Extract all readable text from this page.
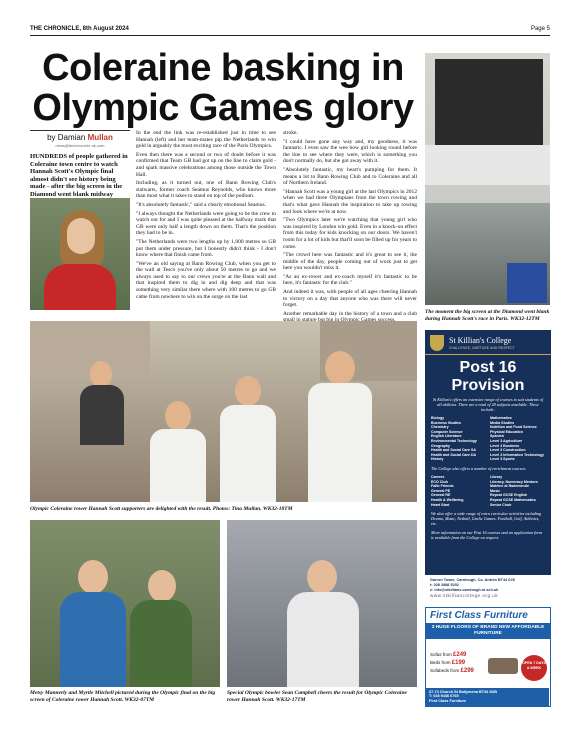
THE CHRONICLE, 8th August 2024	Page 5
Coleraine basking in Olympic Games glory
by Damian Mullan
news@thechronicle.uk.com

HUNDREDS of people gathered in Coleraine town centre to watch Hannah Scott's Olympic final almost didn't see history being made - after the big screen in the Diamond went blank midway

In the end the link was re-established just in time to see Hannah (left) and her team-mates pip the Netherlands to win gold in arguably the most exciting race of the Paris Olympics.

Even then there was a second or two of doubt before it was confirmed that Team GB had got up on the line to claim gold - and spark massive celebrations among those outside the Town Hall.

Including, as it turned out, one of Bann Rowing Club's stalwarts, former coach Seamus Reynolds, who knows more than most what it takes to stand on top of the podium.

"It's absolutely fantastic," said a clearly emotional Seamus.

"I always thought the Netherlands were going to be the crew to watch out for and I was quite pleased at the halfway mark that GB were only half a length down on them. That's the position they had to be in.

"The Netherlands were two lengths up by 1,000 metres so GB put them under pressure, but I honestly didn't think - I don't know where that finish came from.

"We've an old saying at Bann Rowing Club, when you get to the wall at Tesco you've only about 50 metres to go and we always used to say to our crews you're at the Bann wall and that inspired them to dig in and dig deep and that was something very similar there where with 100 metres to go GB came from nowhere to win on the surge on the last

stroke.

"I could have gone any way and, my goodness, it was fantastic. I even saw the wee bow girl looking round before the line to see where they were, which is something you don't normally do, but she got away with it.

"Absolutely fantastic, my heart's pumping for them. It means a lot to Bann Rowing Club and to Coleraine and all of Northern Ireland.

"Hannah Scott was a young girl at the last Olympics in 2012 when we had three Olympians from the town rowing and that's what gave Hannah the inspiration to take up rowing and look where we're at now.

"Two Olympics later we're watching that young girl who was inspired by London win gold. Even in a knock-on effect from this today for kids knocking on our doors. We haven't room for a lot of kids but that'll soon be filled up for years to come.

"The crowd here was fantastic and it's great to see it, the middle of the day, people coming out of work just to get here you wouldn't miss it.

"As an ex-rower and ex-coach myself it's fantastic to be here, it's fantastic for the club."

And indeed it was, with people of all ages cheering Hannah to victory on a day that anyone who was there will never forget.

Another remarkable day in the history of a town and a club The moment the big screen at the Diamond went blank during Hannah Scott's race in Paris. WK32-12TM

Olympic Coleraine rower Hannah Scott supporters are delighted with the result. Photos: Tina Mullan. WK32-18TM

Metsy Mannerly and Myrtle Mitchell pictured during the Olympic final on the big screen of Coleraine rower Hannah Scott. WK32-07TM

Special Olympic bowler Sean Campbell cheers the result for Olympic Coleraine rower Hannah Scott. WK32-17TM

St Killian's College
CHALLENGE, NURTURE AND RESPECT
Post 16 Provision
St Killian's offers an extensive range of courses to suit students of all abilities. There are a total of 28 subjects available. These include:
Biology
Business Studies
Chemistry
Computer Science
English Literature
Environmental Technology
Geography
Health and Social Care SA
Health and Social Care DA
History
Mathematics
Media Studies
Nutrition and Food Science
Physical Education
Spanish
Level 3 Agriculture
Level 3 Business
Level 3 Construction
Level 3 Information Technology
Level 3 Sports
The College also offers a number of enrichment courses:
Careers
ECO Club
Faith Friends
General PE
General RE
Health & Wellbeing
Heart Start
Library
Literacy, Numeracy Mentors
Matéine at Rademende
Music
Repeat GCSE English
Repeat GCSE Mathematics
Senior Choir
We also offer a wide range of extra curricular activities including Drama, Music, Netball, Gaelic Games, Football, Golf, Athletics, etc.
More information on our Post 16 courses and an application form is available from the College on request.
Garron Tower, Carnlough, Co. Antrim BT44 0JS
t: 028 2888 5202
e: info@stkillians.carnlough.ni.sch.uk
www.stkilliancollege.org.uk
First Class Furniture
3 HUGE FLOORS OF BRAND NEW AFFORDABLE FURNITURE
Sofas from £249
Beds from £199
Sofabeds from £299
OPEN 7 DAYS A WEEK
67-73 Church St Ballymena BT43 6DB
T: 028 9446 6765
First Class Furniture
